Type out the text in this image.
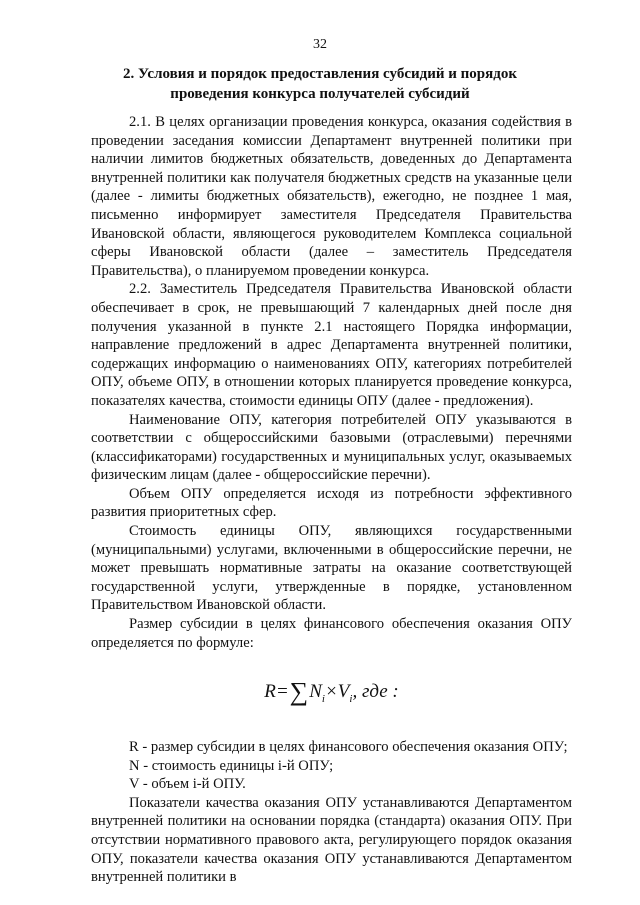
32
2. Условия и порядок предоставления субсидий и порядок
проведения конкурса получателей субсидий

2.1. В целях организации проведения конкурса, оказания содействия в проведении заседания комиссии Департамент внутренней политики при наличии лимитов бюджетных обязательств, доведенных до Департамента внутренней политики как получателя бюджетных средств на указанные цели (далее - лимиты бюджетных обязательств), ежегодно, не позднее 1 мая, письменно информирует заместителя Председателя Правительства Ивановской области, являющегося руководителем Комплекса социальной сферы Ивановской области (далее – заместитель Председателя Правительства), о планируемом проведении конкурса.

2.2. Заместитель Председателя Правительства Ивановской области обеспечивает в срок, не превышающий 7 календарных дней после дня получения указанной в пункте 2.1 настоящего Порядка информации, направление предложений в адрес Департамента внутренней политики, содержащих информацию о наименованиях ОПУ, категориях потребителей ОПУ, объеме ОПУ, в отношении которых планируется проведение конкурса, показателях качества, стоимости единицы ОПУ (далее - предложения).

Наименование ОПУ, категория потребителей ОПУ указываются в соответствии с общероссийскими базовыми (отраслевыми) перечнями (классификаторами) государственных и муниципальных услуг, оказываемых физическим лицам (далее - общероссийские перечни).

Объем ОПУ определяется исходя из потребности эффективного развития приоритетных сфер.

Стоимость единицы ОПУ, являющихся государственными (муниципальными) услугами, включенными в общероссийские перечни, не может превышать нормативные затраты на оказание соответствующей государственной услуги, утвержденные в порядке, установленном Правительством Ивановской области.

Размер субсидии в целях финансового обеспечения оказания ОПУ определяется по формуле:

$R=\sum N_i\times V_i$, где :

R - размер субсидии в целях финансового обеспечения оказания ОПУ;

N - стоимость единицы i-й ОПУ;

V - объем i-й ОПУ.

Показатели качества оказания ОПУ устанавливаются Департаментом внутренней политики на основании порядка (стандарта) оказания ОПУ. При отсутствии нормативного правового акта, регулирующего порядок оказания ОПУ, показатели качества оказания ОПУ устанавливаются Департаментом внутренней политики в
